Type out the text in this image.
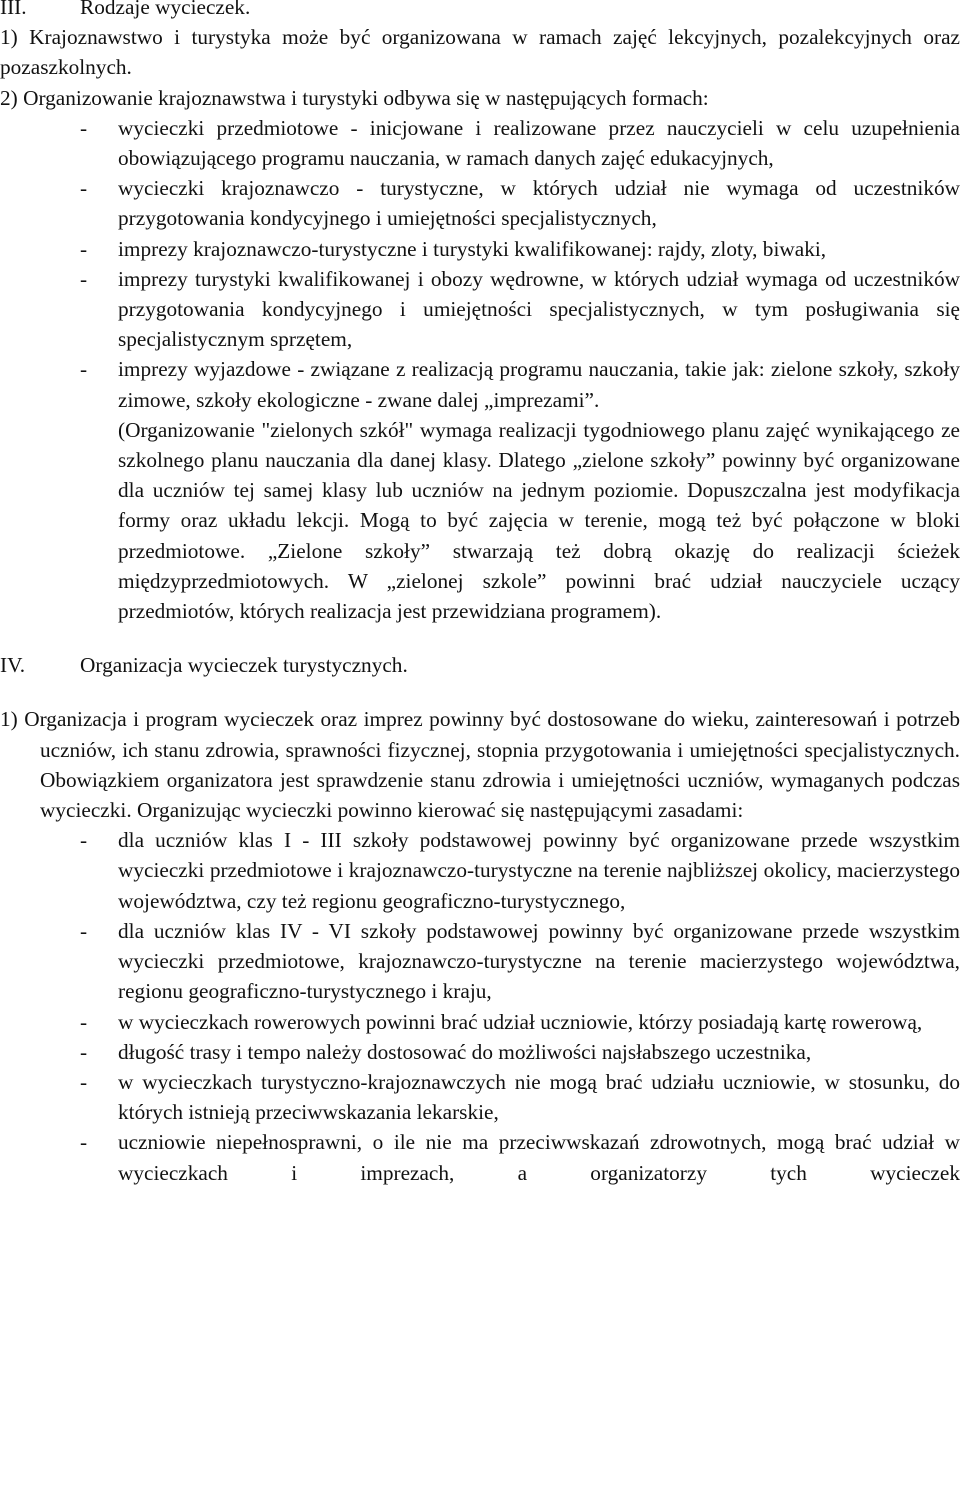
III.	Rodzaje wycieczek.
1) Krajoznawstwo i turystyka może być organizowana w ramach zajęć lekcyjnych, pozalekcyjnych oraz pozaszkolnych.
2) Organizowanie krajoznawstwa i turystyki odbywa się w następujących formach:
- wycieczki przedmiotowe - inicjowane i realizowane przez nauczycieli w celu uzupełnienia obowiązującego programu nauczania, w ramach danych zajęć edukacyjnych,
- wycieczki krajoznawczo - turystyczne, w których udział nie wymaga od uczestników przygotowania kondycyjnego i umiejętności specjalistycznych,
- imprezy krajoznawczo-turystyczne i turystyki kwalifikowanej: rajdy, zloty, biwaki,
- imprezy turystyki kwalifikowanej i obozy wędrowne, w których udział wymaga od uczestników przygotowania kondycyjnego i umiejętności specjalistycznych, w tym posługiwania się specjalistycznym sprzętem,
- imprezy wyjazdowe - związane z realizacją programu nauczania, takie jak: zielone szkoły, szkoły zimowe, szkoły ekologiczne - zwane dalej „imprezami”.
(Organizowanie "zielonych szkół" wymaga realizacji tygodniowego planu zajęć wynikającego ze szkolnego planu nauczania dla danej klasy. Dlatego „zielone szkoły” powinny być organizowane dla uczniów tej samej klasy lub uczniów na jednym poziomie. Dopuszczalna jest modyfikacja formy oraz układu lekcji. Mogą to być zajęcia w terenie, mogą też być połączone w bloki przedmiotowe. „Zielone szkoły” stwarzają też dobrą okazję do realizacji ścieżek międzyprzedmiotowych. W „zielonej szkole” powinni brać udział nauczyciele uczący przedmiotów, których realizacja jest przewidziana programem).
IV.	Organizacja wycieczek turystycznych.
1) Organizacja i program wycieczek oraz imprez powinny być dostosowane do wieku, zainteresowań i potrzeb uczniów, ich stanu zdrowia, sprawności fizycznej, stopnia przygotowania i umiejętności specjalistycznych. Obowiązkiem organizatora jest sprawdzenie stanu zdrowia i umiejętności uczniów, wymaganych podczas wycieczki. Organizując wycieczki powinno kierować się następującymi zasadami:
- dla uczniów klas I - III szkoły podstawowej powinny być organizowane przede wszystkim wycieczki przedmiotowe i krajoznawczo-turystyczne na terenie najbliższej okolicy, macierzystego województwa, czy też regionu geograficzno-turystycznego,
- dla uczniów klas IV - VI szkoły podstawowej powinny być organizowane przede wszystkim wycieczki przedmiotowe, krajoznawczo-turystyczne na terenie macierzystego województwa, regionu geograficzno-turystycznego i kraju,
- w wycieczkach rowerowych powinni brać udział uczniowie, którzy posiadają kartę rowerową,
- długość trasy i tempo należy dostosować do możliwości najsłabszego uczestnika,
- w wycieczkach turystyczno-krajoznawczych nie mogą brać udziału uczniowie, w stosunku, do których istnieją przeciwwskazania lekarskie,
- uczniowie niepełnosprawni, o ile nie ma przeciwwskazań zdrowotnych, mogą brać udział w wycieczkach i imprezach, a organizatorzy tych wycieczek
